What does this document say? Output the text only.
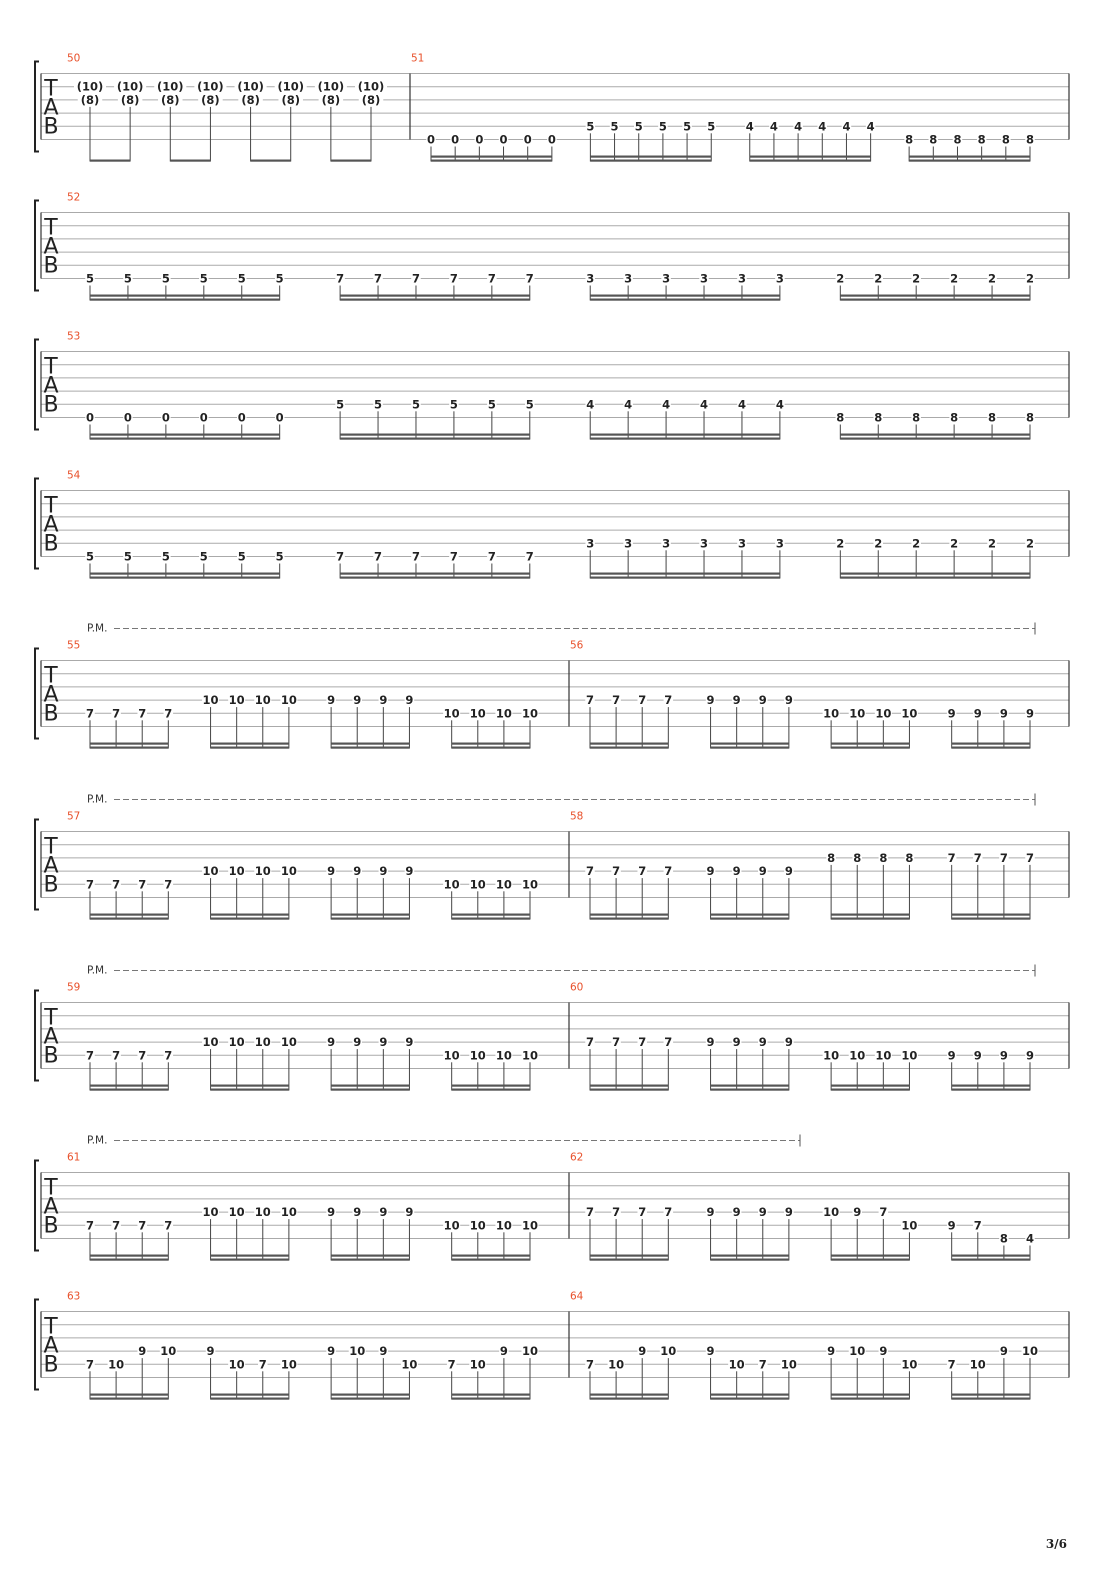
T
A
B
50
(10)
(8)
(10)
(8)
(10)
(8)
(10)
(8)
(10)
(8)
(10)
(8)
(10)
(8)
(10)
(8)
51
0 0 0 0 0 0
5 5 5 5 5 5	4 4 4 4 4 4
8 8 8 8 8 8
T
A
B
52
5	5	5	5	5	5	7	7	7	7	7	7	3	3	3	3	3	3	2	2	2	2	2	2
T
A
B
53
0	0	0	0	0	0
5	5	5	5	5	5	4	4	4	4	4	4
8	8	8	8	8	8
T
A
B
54
5	5	5	5	5	5	7	7	7	7	7	7
3	3	3	3	3	3	2	2	2	2	2	2
T
A
B
P.M.
55
7 7 7 7
10 10 10 10	9 9 9 9
10 10 10 10
56
7 7 7 7	9 9 9 9
10 10 10 10	9 9 9 9
T
A
B
P.M.
57
7 7 7 7
10 10 10 10	9 9 9 9
10 10 10 10
58
7 7 7 7	9 9 9 9
8 8 8 8	7 7 7 7
T
A
B
P.M.
59
7 7 7 7
10 10 10 10	9 9 9 9
10 10 10 10
60
7 7 7 7	9 9 9 9
10 10 10 10	9 9 9 9
T
A
B
P.M.
61
7 7 7 7
10 10 10 10	9 9 9 9
10 10 10 10
62
7 7 7 7	9 9 9 9	10 9 7
10	9 7
8 4
T
A
B
63
7 10
9 10	9
10 7 10
9 10 9
10	7 10
9 10
64
7 10
9 10	9
10 7 10
9 10 9
10	7 10
9 10
3/6
